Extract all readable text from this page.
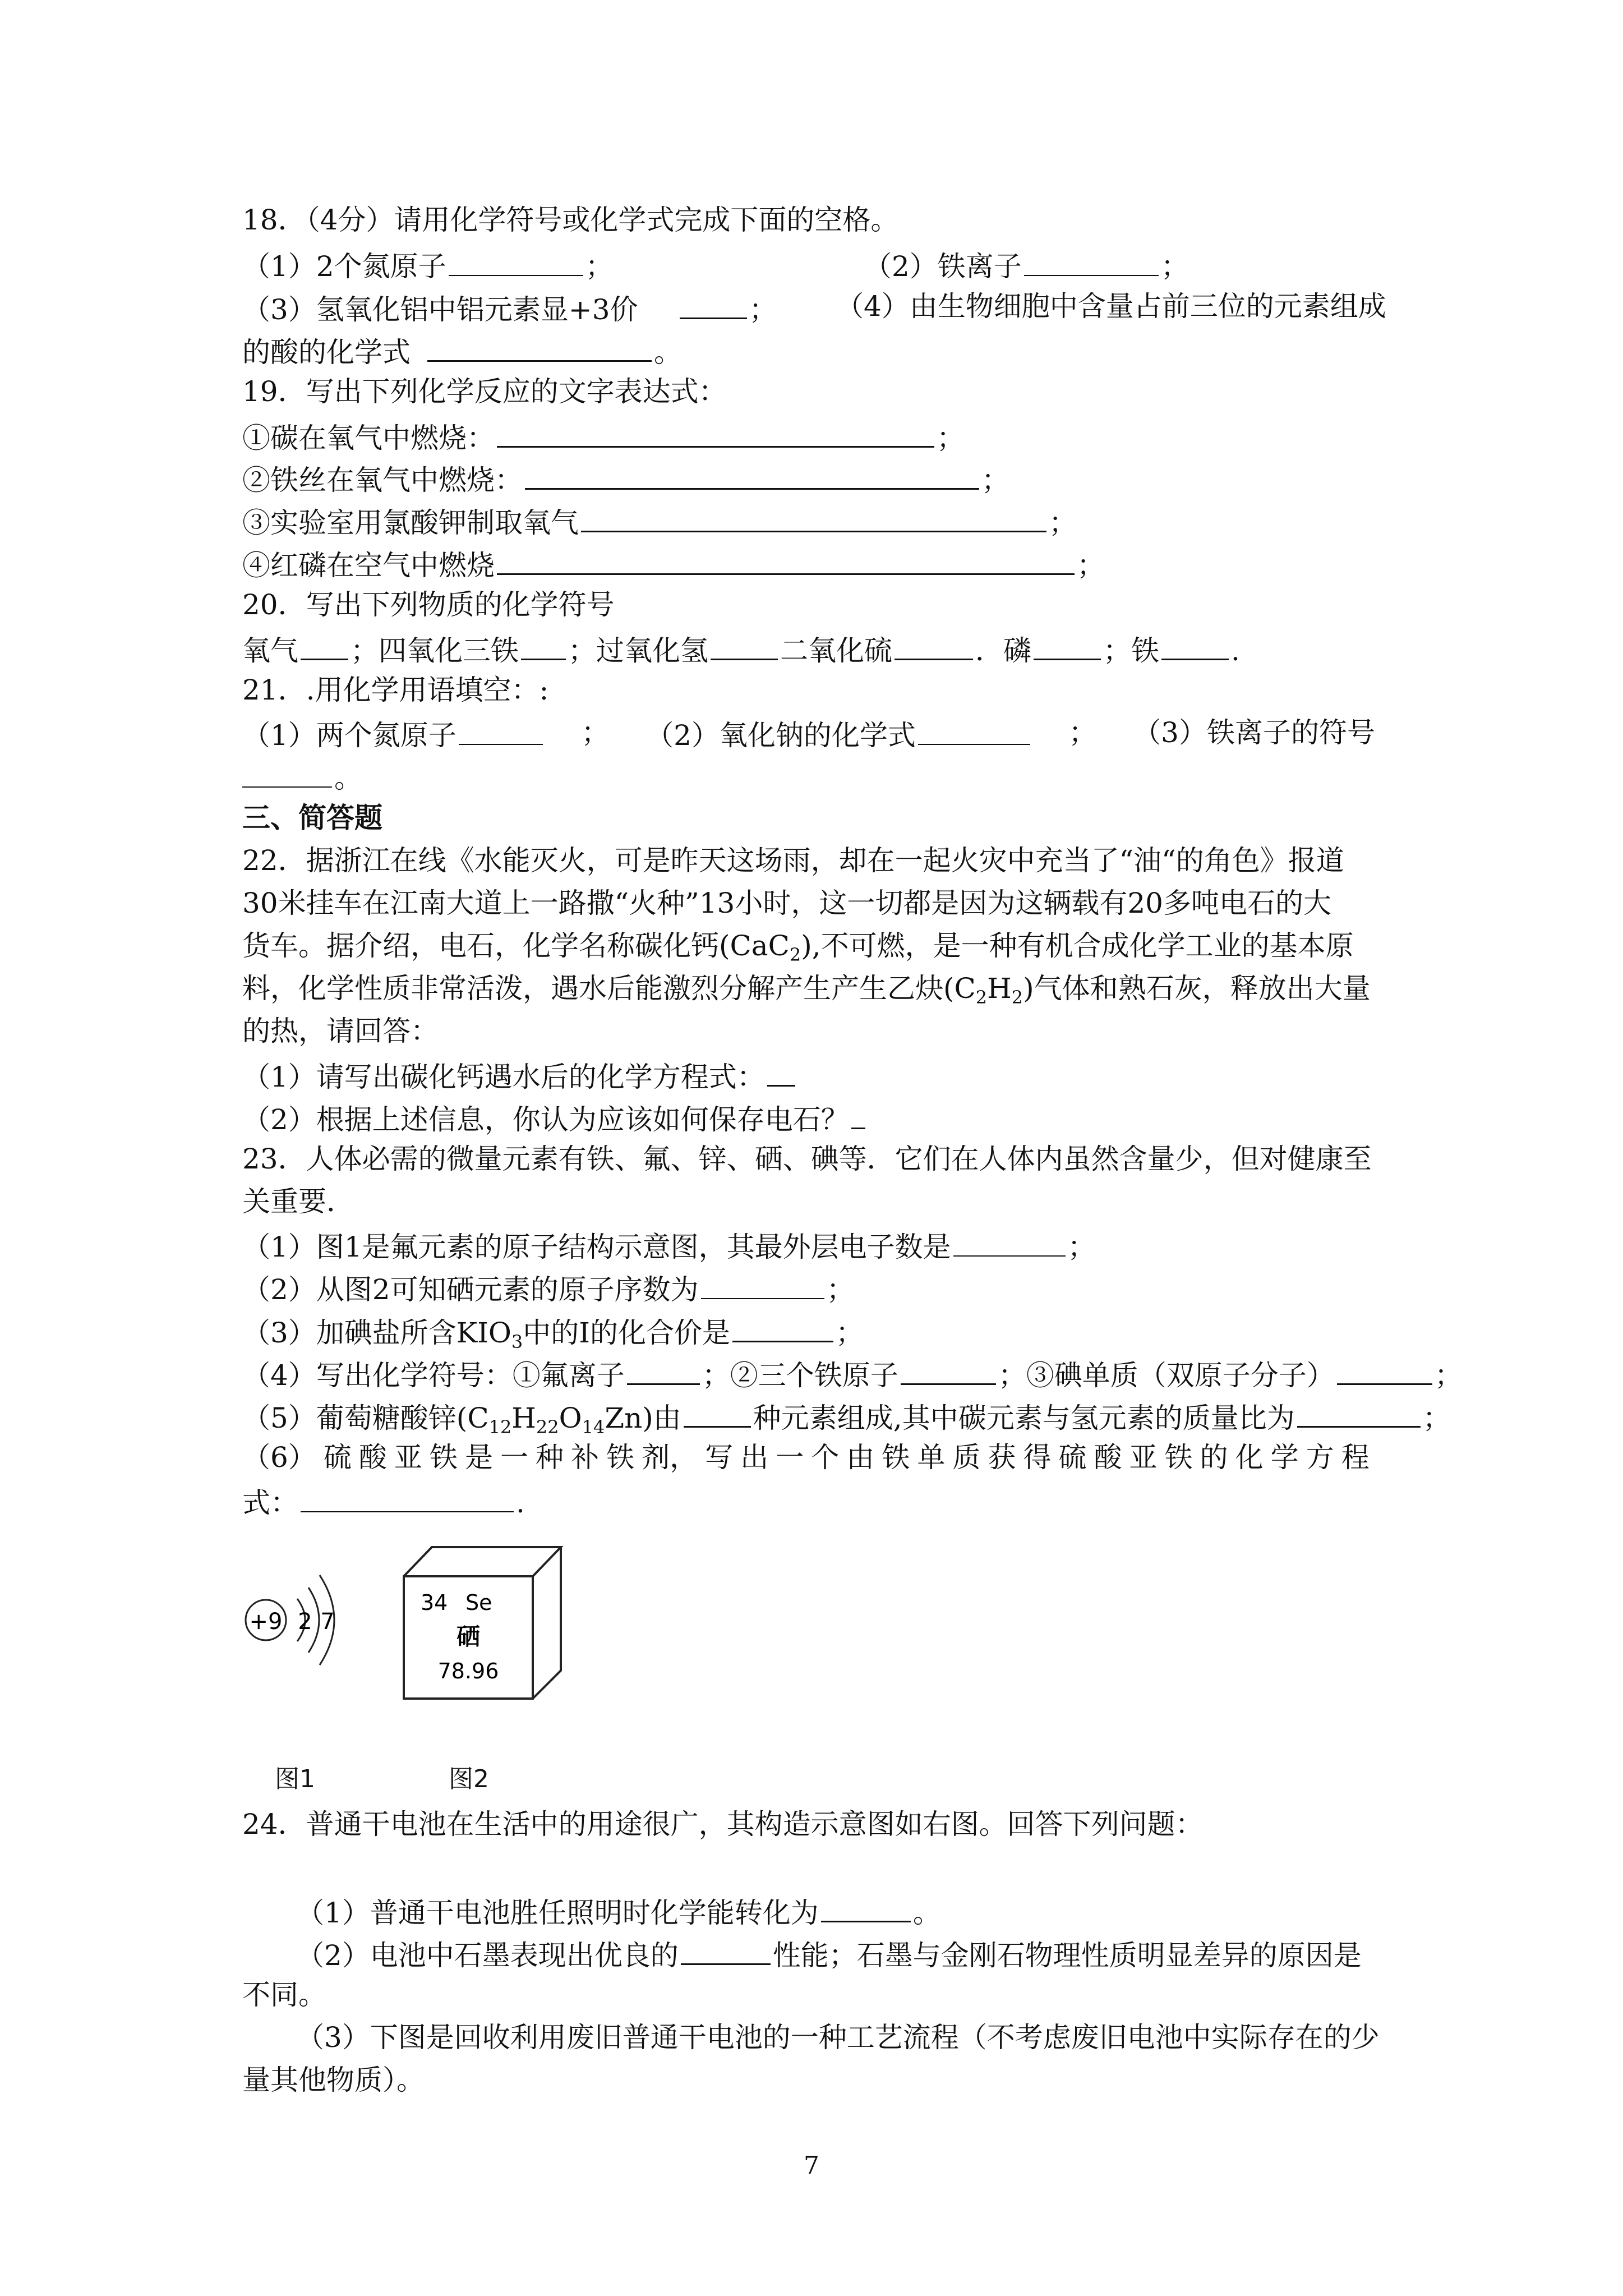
18．（4分）请用化学符号或化学式完成下面的空格。
（1）2个氮原子	；	（2）铁离子	；
（3）氢氧化铝中铝元素显+3价	； （4）由生物细胞中含量占前三位的元素组成
的酸的化学式	。
19．写出下列化学反应的文字表达式：
①碳在氧气中燃烧：	；
②铁丝在氧气中燃烧：	；
③实验室用氯酸钾制取氧气	；
④红磷在空气中燃烧	；
20．写出下列物质的化学符号
氧气 ；四氧化三铁 ；过氧化氢	二氧化硫	．磷	；铁	.
21．.用化学用语填空：:
（1）两个氮原子	； （2）氧化钠的化学式	； （3）铁离子的符号
。
三、简答题
22．据浙江在线《水能灭火，可是昨天这场雨，却在一起火灾中充当了“油“的角色》报道
30米挂车在江南大道上一路撒“火种”13小时，这一切都是因为这辆载有20多吨电石的大
货车。据介绍，电石，化学名称碳化钙(CaC$_2$),不可燃，是一种有机合成化学工业的基本原
料，化学性质非常活泼，遇水后能激烈分解产生产生乙炔$(C_2H_2)$气体和熟石灰，释放出大量
的热，请回答：
（1）请写出碳化钙遇水后的化学方程式：
（2）根据上述信息，你认为应该如何保存电石？
23．人体必需的微量元素有铁、氟、锌、硒、碘等．它们在人体内虽然含量少，但对健康至
关重要．
（1）图1是氟元素的原子结构示意图，其最外层电子数是	；
（2）从图2可知硒元素的原子序数为	；
（3）加碘盐所含$KIO_3$中的I的化合价是	；
（4）写出化学符号：①氟离子	；②三个铁原子	；③碘单质（双原子分子）	；
（5）葡萄糖酸锌$(C_{12}H_{22}O_{14}Zn)$由	种元素组成,其中碳元素与氢元素的质量比为	；
（6） 硫 酸 亚 铁 是 一 种 补 铁 剂， 写 出 一 个 由 铁 单 质 获 得 硫 酸 亚 铁 的 化 学 方 程
式：	.
+9 2 7
34 Se
硒
78.96
图1	图2
24．普通干电池在生活中的用途很广，其构造示意图如右图。回答下列问题：
（1）普通干电池胜任照明时化学能转化为	。
（2）电池中石墨表现出优良的	性能；石墨与金刚石物理性质明显差异的原因是
不同。
（3）下图是回收利用废旧普通干电池的一种工艺流程（不考虑废旧电池中实际存在的少
量其他物质）。
7
